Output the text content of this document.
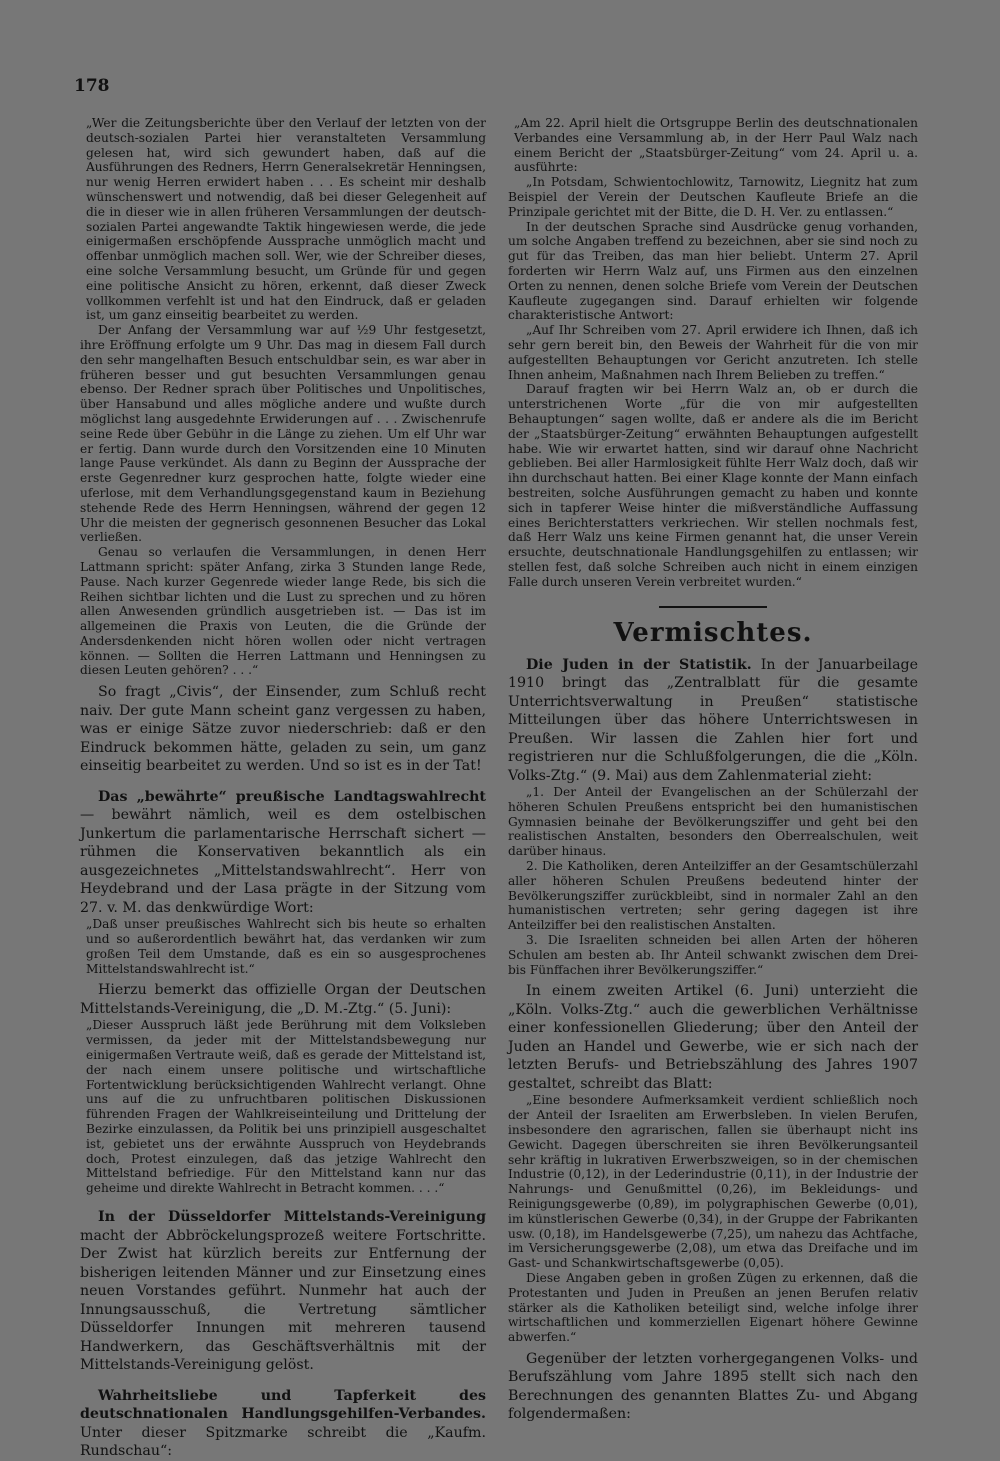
178

„Wer die Zeitungsberichte über den Verlauf der letzten von der deutsch-sozialen Partei hier veranstalteten Versammlung gelesen hat, wird sich gewundert haben, daß auf die Ausführungen des Redners, Herrn Generalsekretär Henningsen, nur wenig Herren erwidert haben . . . Es scheint mir deshalb wünschenswert und notwendig, daß bei dieser Gelegenheit auf die in dieser wie in allen früheren Versammlungen der deutsch-sozialen Partei angewandte Taktik hingewiesen werde, die jede einigermaßen erschöpfende Aussprache unmöglich macht und offenbar unmöglich machen soll. Wer, wie der Schreiber dieses, eine solche Versammlung besucht, um Gründe für und gegen eine politische Ansicht zu hören, erkennt, daß dieser Zweck vollkommen verfehlt ist und hat den Eindruck, daß er geladen ist, um ganz einseitig bearbeitet zu werden.

Der Anfang der Versammlung war auf ½9 Uhr festgesetzt, ihre Eröffnung erfolgte um 9 Uhr. Das mag in diesem Fall durch den sehr mangelhaften Besuch entschuldbar sein, es war aber in früheren besser und gut besuchten Versammlungen genau ebenso. Der Redner sprach über Politisches und Unpolitisches, über Hansabund und alles mögliche andere und wußte durch möglichst lang ausgedehnte Erwiderungen auf . . . Zwischenrufe seine Rede über Gebühr in die Länge zu ziehen. Um elf Uhr war er fertig. Dann wurde durch den Vorsitzenden eine 10 Minuten lange Pause verkündet. Als dann zu Beginn der Aussprache der erste Gegenredner kurz gesprochen hatte, folgte wieder eine uferlose, mit dem Verhandlungsgegenstand kaum in Beziehung stehende Rede des Herrn Henningsen, während der gegen 12 Uhr die meisten der gegnerisch gesonnenen Besucher das Lokal verließen.

Genau so verlaufen die Versammlungen, in denen Herr Lattmann spricht: später Anfang, zirka 3 Stunden lange Rede, Pause. Nach kurzer Gegenrede wieder lange Rede, bis sich die Reihen sichtbar lichten und die Lust zu sprechen und zu hören allen Anwesenden gründlich ausgetrieben ist. — Das ist im allgemeinen die Praxis von Leuten, die die Gründe der Andersdenkenden nicht hören wollen oder nicht vertragen können. — Sollten die Herren Lattmann und Henningsen zu diesen Leuten gehören? . . .“

So fragt „Civis“, der Einsender, zum Schluß recht naiv. Der gute Mann scheint ganz vergessen zu haben, was er einige Sätze zuvor niederschrieb: daß er den Eindruck bekommen hätte, geladen zu sein, um ganz einseitig bearbeitet zu werden. Und so ist es in der Tat!

Das „bewährte“ preußische Landtagswahlrecht — bewährt nämlich, weil es dem ostelbischen Junkertum die parlamentarische Herrschaft sichert — rühmen die Konservativen bekanntlich als ein ausgezeichnetes „Mittelstandswahlrecht“. Herr von Heydebrand und der Lasa prägte in der Sitzung vom 27. v. M. das denkwürdige Wort:

„Daß unser preußisches Wahlrecht sich bis heute so erhalten und so außerordentlich bewährt hat, das verdanken wir zum großen Teil dem Umstande, daß es ein so ausgesprochenes Mittelstandswahlrecht ist.“

Hierzu bemerkt das offizielle Organ der Deutschen Mittelstands-Vereinigung, die „D. M.-Ztg.“ (5. Juni):

„Dieser Ausspruch läßt jede Berührung mit dem Volksleben vermissen, da jeder mit der Mittelstandsbewegung nur einigermaßen Vertraute weiß, daß es gerade der Mittelstand ist, der nach einem unsere politische und wirtschaftliche Fortentwicklung berücksichtigenden Wahlrecht verlangt. Ohne uns auf die zu unfruchtbaren politischen Diskussionen führenden Fragen der Wahlkreiseinteilung und Drittelung der Bezirke einzulassen, da Politik bei uns prinzipiell ausgeschaltet ist, gebietet uns der erwähnte Ausspruch von Heydebrands doch, Protest einzulegen, daß das jetzige Wahlrecht den Mittelstand befriedige. Für den Mittelstand kann nur das geheime und direkte Wahlrecht in Betracht kommen. . . .“

In der Düsseldorfer Mittelstands-Vereinigung macht der Abbröckelungsprozeß weitere Fortschritte. Der Zwist hat kürzlich bereits zur Entfernung der bisherigen leitenden Männer und zur Einsetzung eines neuen Vorstandes geführt. Nunmehr hat auch der Innungsausschuß, die Vertretung sämtlicher Düsseldorfer Innungen mit mehreren tausend Handwerkern, das Geschäftsverhältnis mit der Mittelstands-Vereinigung gelöst.

Wahrheitsliebe und Tapferkeit des deutschnationalen Handlungsgehilfen-Verbandes. Unter dieser Spitzmarke schreibt die „Kaufm. Rundschau“:

„Am 22. April hielt die Ortsgruppe Berlin des deutschnationalen Verbandes eine Versammlung ab, in der Herr Paul Walz nach einem Bericht der „Staatsbürger-Zeitung“ vom 24. April u. a. ausführte:

„In Potsdam, Schwientochlowitz, Tarnowitz, Liegnitz hat zum Beispiel der Verein der Deutschen Kaufleute Briefe an die Prinzipale gerichtet mit der Bitte, die D. H. Ver. zu entlassen.“

In der deutschen Sprache sind Ausdrücke genug vorhanden, um solche Angaben treffend zu bezeichnen, aber sie sind noch zu gut für das Treiben, das man hier beliebt. Unterm 27. April forderten wir Herrn Walz auf, uns Firmen aus den einzelnen Orten zu nennen, denen solche Briefe vom Verein der Deutschen Kaufleute zugegangen sind. Darauf erhielten wir folgende charakteristische Antwort:

„Auf Ihr Schreiben vom 27. April erwidere ich Ihnen, daß ich sehr gern bereit bin, den Beweis der Wahrheit für die von mir aufgestellten Behauptungen vor Gericht anzutreten. Ich stelle Ihnen anheim, Maßnahmen nach Ihrem Belieben zu treffen.“

Darauf fragten wir bei Herrn Walz an, ob er durch die unterstrichenen Worte „für die von mir aufgestellten Behauptungen“ sagen wollte, daß er andere als die im Bericht der „Staatsbürger-Zeitung“ erwähnten Behauptungen aufgestellt habe. Wie wir erwartet hatten, sind wir darauf ohne Nachricht geblieben. Bei aller Harmlosigkeit fühlte Herr Walz doch, daß wir ihn durchschaut hatten. Bei einer Klage konnte der Mann einfach bestreiten, solche Ausführungen gemacht zu haben und konnte sich in tapferer Weise hinter die mißverständliche Auffassung eines Berichterstatters verkriechen. Wir stellen nochmals fest, daß Herr Walz uns keine Firmen genannt hat, die unser Verein ersuchte, deutschnationale Handlungsgehilfen zu entlassen; wir stellen fest, daß solche Schreiben auch nicht in einem einzigen Falle durch unseren Verein verbreitet wurden.“

Vermischtes.

Die Juden in der Statistik. In der Januarbeilage 1910 bringt das „Zentralblatt für die gesamte Unterrichtsverwaltung in Preußen“ statistische Mitteilungen über das höhere Unterrichtswesen in Preußen. Wir lassen die Zahlen hier fort und registrieren nur die Schlußfolgerungen, die die „Köln. Volks-Ztg.“ (9. Mai) aus dem Zahlenmaterial zieht:

„1. Der Anteil der Evangelischen an der Schülerzahl der höheren Schulen Preußens entspricht bei den humanistischen Gymnasien beinahe der Bevölkerungsziffer und geht bei den realistischen Anstalten, besonders den Oberrealschulen, weit darüber hinaus.

2. Die Katholiken, deren Anteilziffer an der Gesamtschülerzahl aller höheren Schulen Preußens bedeutend hinter der Bevölkerungsziffer zurückbleibt, sind in normaler Zahl an den humanistischen vertreten; sehr gering dagegen ist ihre Anteilziffer bei den realistischen Anstalten.

3. Die Israeliten schneiden bei allen Arten der höheren Schulen am besten ab. Ihr Anteil schwankt zwischen dem Drei- bis Fünffachen ihrer Bevölkerungsziffer.“

In einem zweiten Artikel (6. Juni) unterzieht die „Köln. Volks-Ztg.“ auch die gewerblichen Verhältnisse einer konfessionellen Gliederung; über den Anteil der Juden an Handel und Gewerbe, wie er sich nach der letzten Berufs- und Betriebszählung des Jahres 1907 gestaltet, schreibt das Blatt:

„Eine besondere Aufmerksamkeit verdient schließlich noch der Anteil der Israeliten am Erwerbsleben. In vielen Berufen, insbesondere den agrarischen, fallen sie überhaupt nicht ins Gewicht. Dagegen überschreiten sie ihren Bevölkerungsanteil sehr kräftig in lukrativen Erwerbszweigen, so in der chemischen Industrie (0,12), in der Lederindustrie (0,11), in der Industrie der Nahrungs- und Genußmittel (0,26), im Bekleidungs- und Reinigungsgewerbe (0,89), im polygraphischen Gewerbe (0,01), im künstlerischen Gewerbe (0,34), in der Gruppe der Fabrikanten usw. (0,18), im Handelsgewerbe (7,25), um nahezu das Achtfache, im Versicherungsgewerbe (2,08), um etwa das Dreifache und im Gast- und Schankwirtschaftsgewerbe (0,05).

Diese Angaben geben in großen Zügen zu erkennen, daß die Protestanten und Juden in Preußen an jenen Berufen relativ stärker als die Katholiken beteiligt sind, welche infolge ihrer wirtschaftlichen und kommerziellen Eigenart höhere Gewinne abwerfen.“

Gegenüber der letzten vorhergegangenen Volks- und Berufszählung vom Jahre 1895 stellt sich nach den Berechnungen des genannten Blattes Zu- und Abgang folgendermaßen:
